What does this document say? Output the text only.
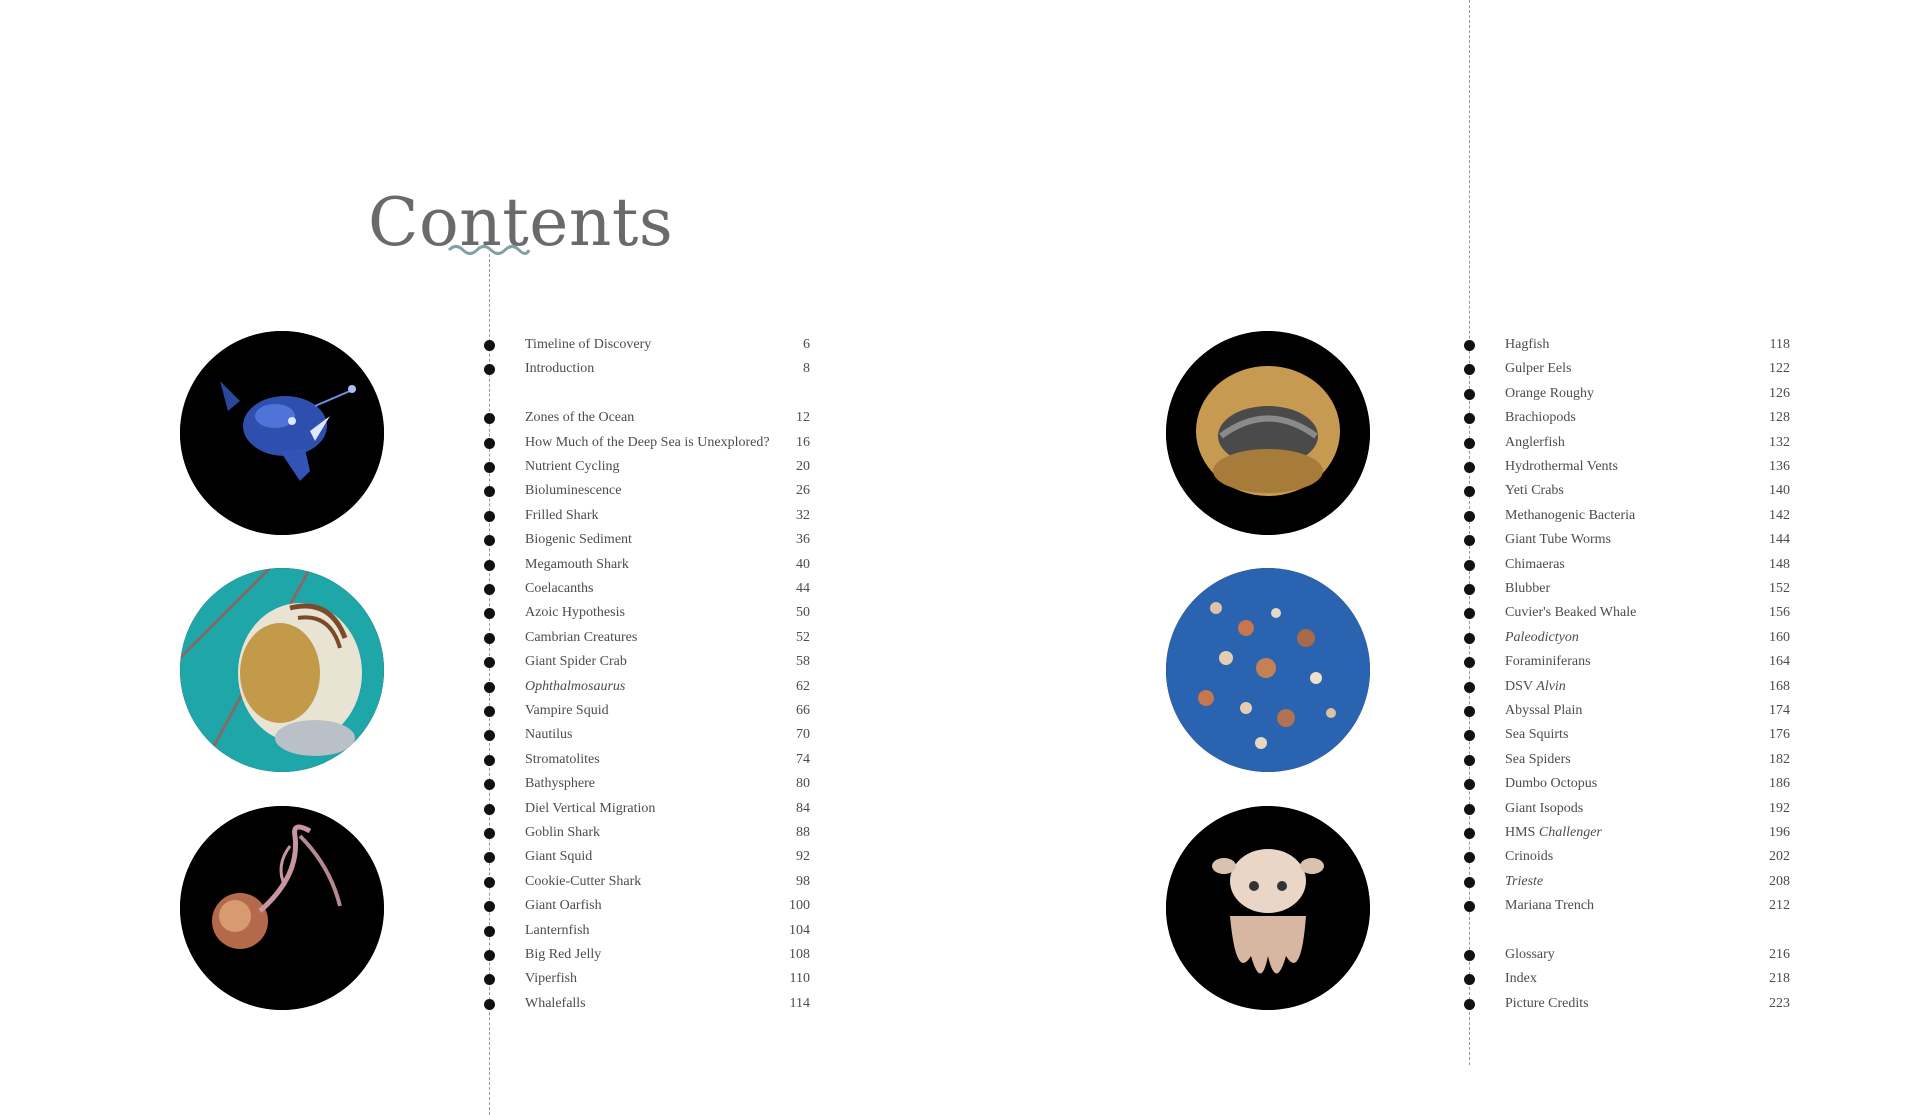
Contents
Timeline of Discovery	6
Introduction	8
Zones of the Ocean	12
How Much of the Deep Sea is Unexplored?	16
Nutrient Cycling	20
Bioluminescence	26
Frilled Shark	32
Biogenic Sediment	36
Megamouth Shark	40
Coelacanths	44
Azoic Hypothesis	50
Cambrian Creatures	52
Giant Spider Crab	58
Ophthalmosaurus	62
Vampire Squid	66
Nautilus	70
Stromatolites	74
Bathysphere	80
Diel Vertical Migration	84
Goblin Shark	88
Giant Squid	92
Cookie-Cutter Shark	98
Giant Oarfish	100
Lanternfish	104
Big Red Jelly	108
Viperfish	110
Whalefalls	114
Hagfish	118
Gulper Eels	122
Orange Roughy	126
Brachiopods	128
Anglerfish	132
Hydrothermal Vents	136
Yeti Crabs	140
Methanogenic Bacteria	142
Giant Tube Worms	144
Chimaeras	148
Blubber	152
Cuvier's Beaked Whale	156
Paleodictyon	160
Foraminiferans	164
DSV Alvin	168
Abyssal Plain	174
Sea Squirts	176
Sea Spiders	182
Dumbo Octopus	186
Giant Isopods	192
HMS Challenger	196
Crinoids	202
Trieste	208
Mariana Trench	212
Glossary	216
Index	218
Picture Credits	223
